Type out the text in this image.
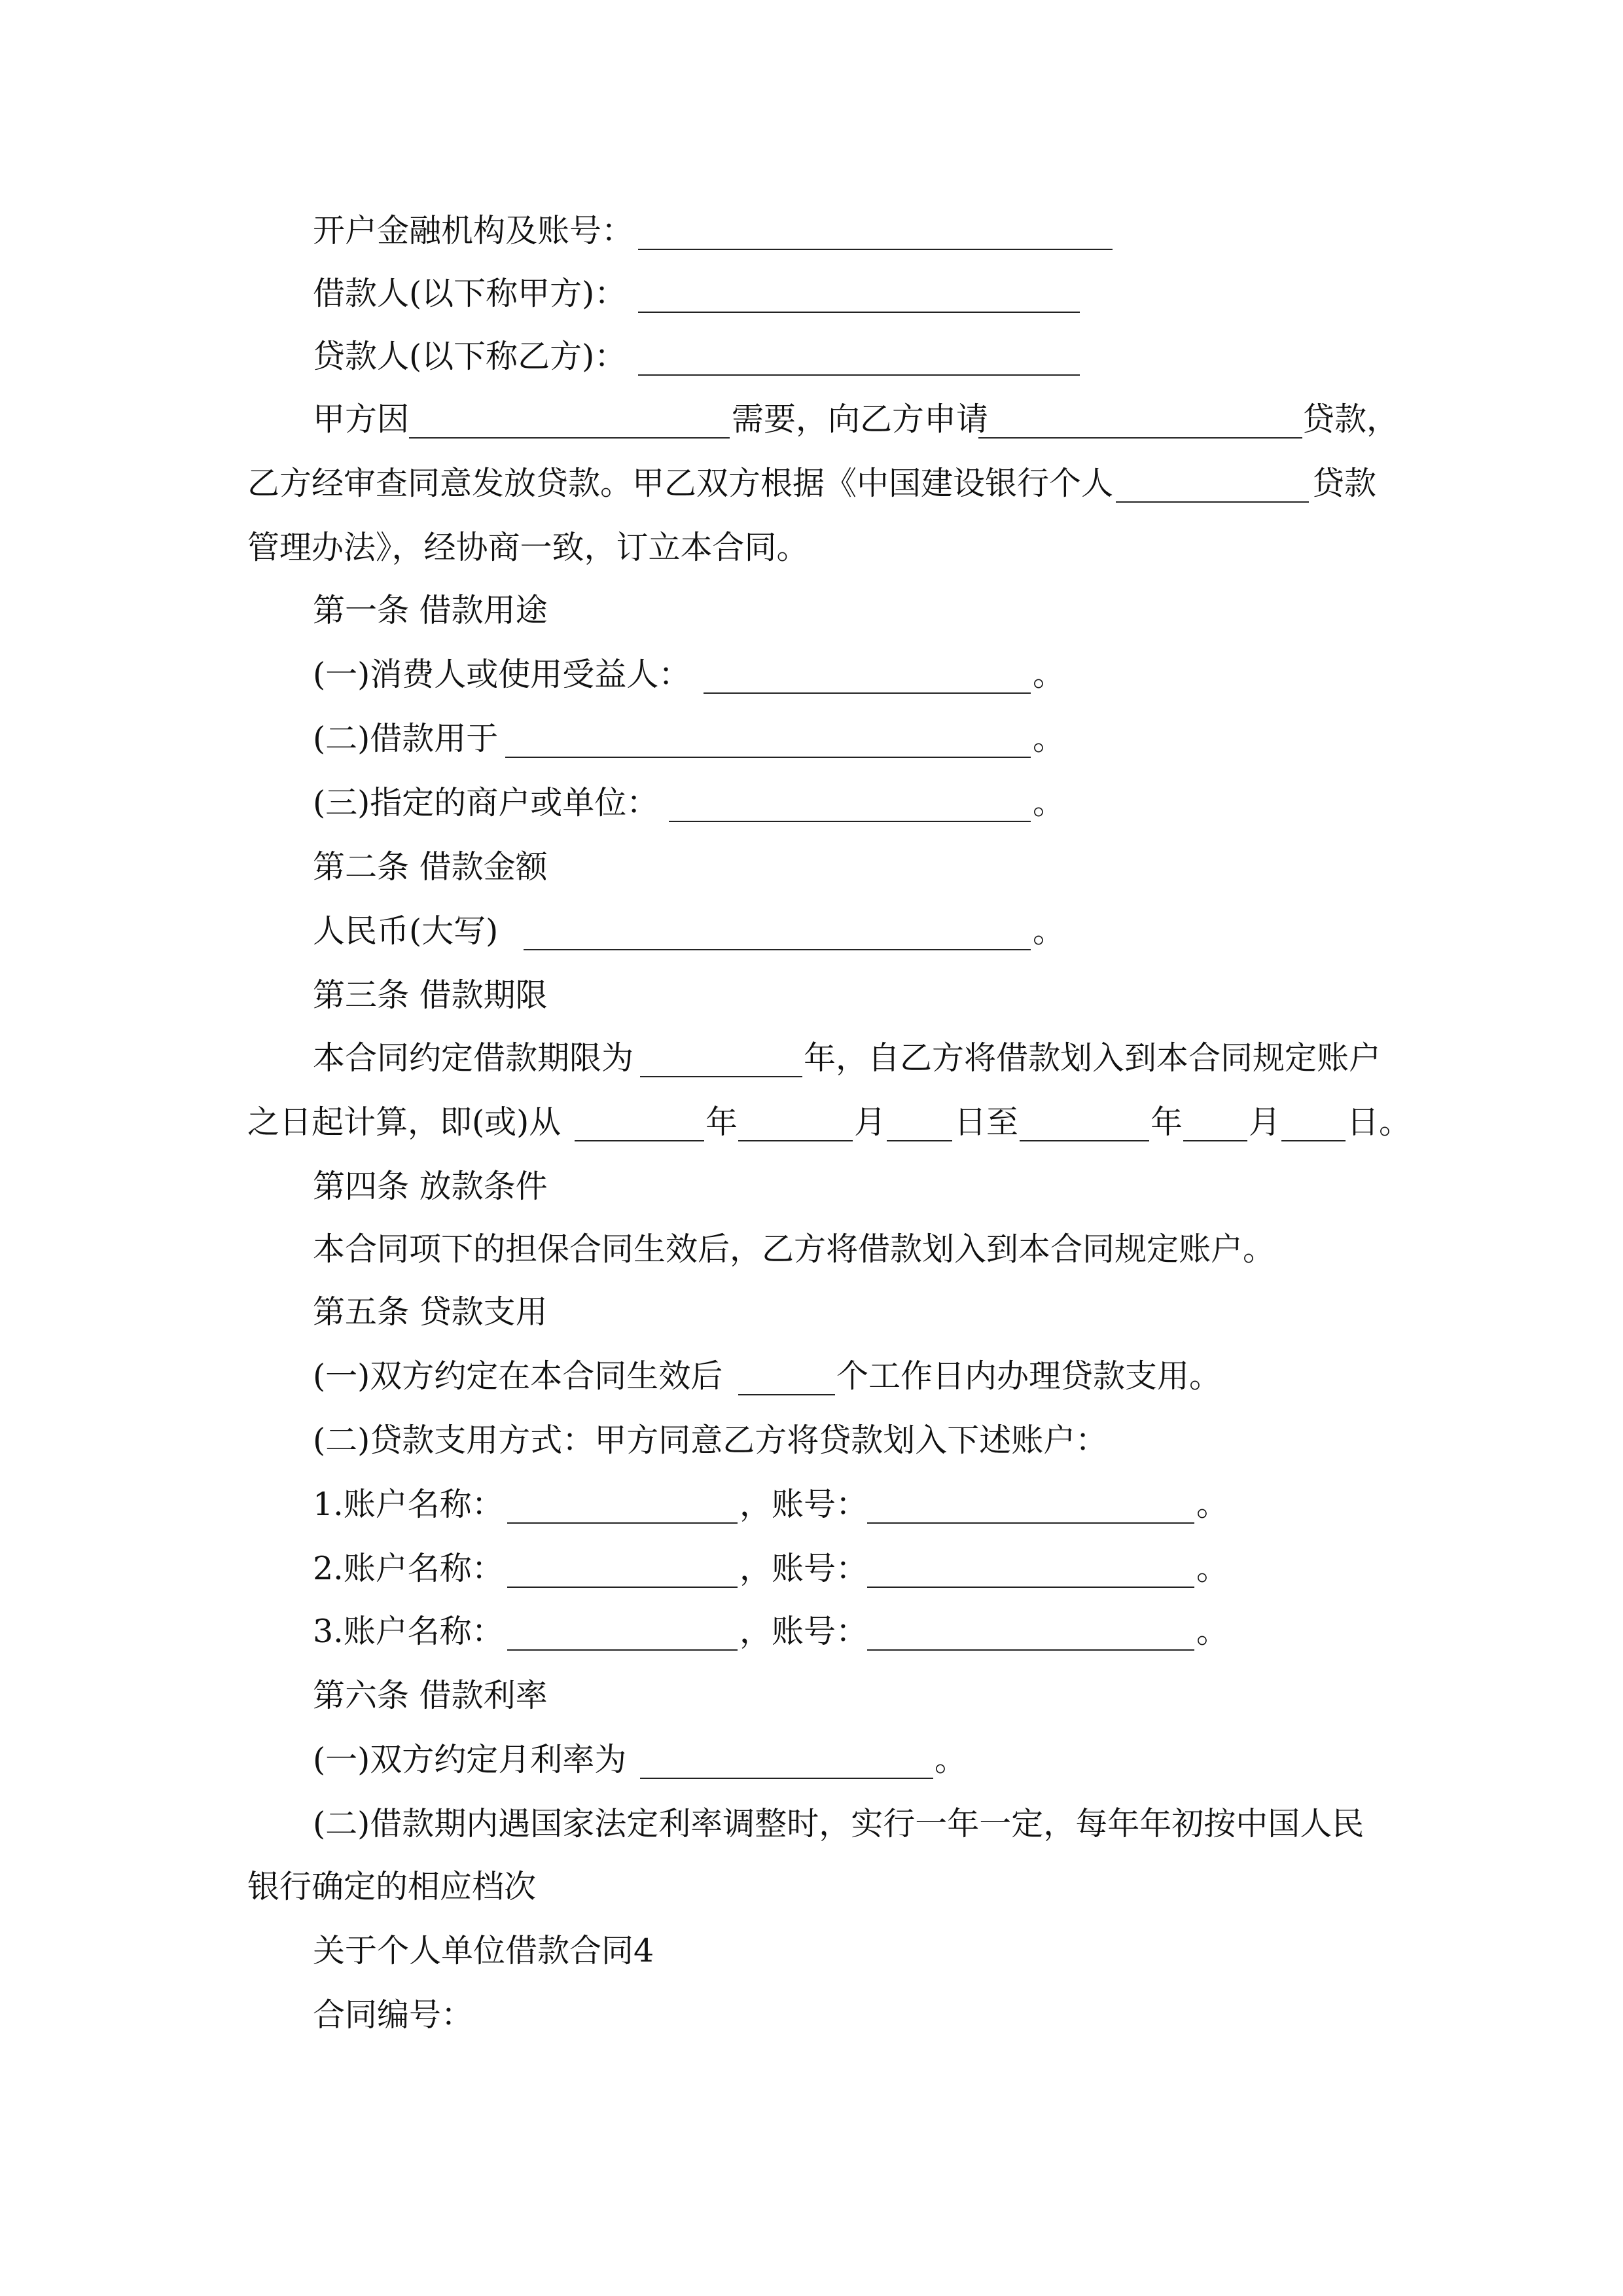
开户金融机构及账号：
借款人(以下称甲方)：
贷款人(以下称乙方)：
甲方因	需要，向乙方申请	贷款，
乙方经审查同意发放贷款。甲乙双方根据《中国建设银行个人	贷款
管理办法》，经协商一致，订立本合同。
第一条 借款用途
(一)消费人或使用受益人：	。
(二)借款用于	。
(三)指定的商户或单位：	。
第二条 借款金额
人民币(大写)	。
第三条 借款期限
本合同约定借款期限为	年，自乙方将借款划入到本合同规定账户
之日起计算，即(或)从	年	月 日至	年 月 日。
第四条 放款条件
本合同项下的担保合同生效后，乙方将借款划入到本合同规定账户。
第五条 贷款支用
(一)双方约定在本合同生效后	个工作日内办理贷款支用。
(二)贷款支用方式：甲方同意乙方将贷款划入下述账户：
1.账户名称：	，账号：	。
2.账户名称：	，账号：	。
3.账户名称：	，账号：	。
第六条 借款利率
(一)双方约定月利率为	。
(二)借款期内遇国家法定利率调整时，实行一年一定，每年年初按中国人民
银行确定的相应档次
关于个人单位借款合同4
合同编号：
